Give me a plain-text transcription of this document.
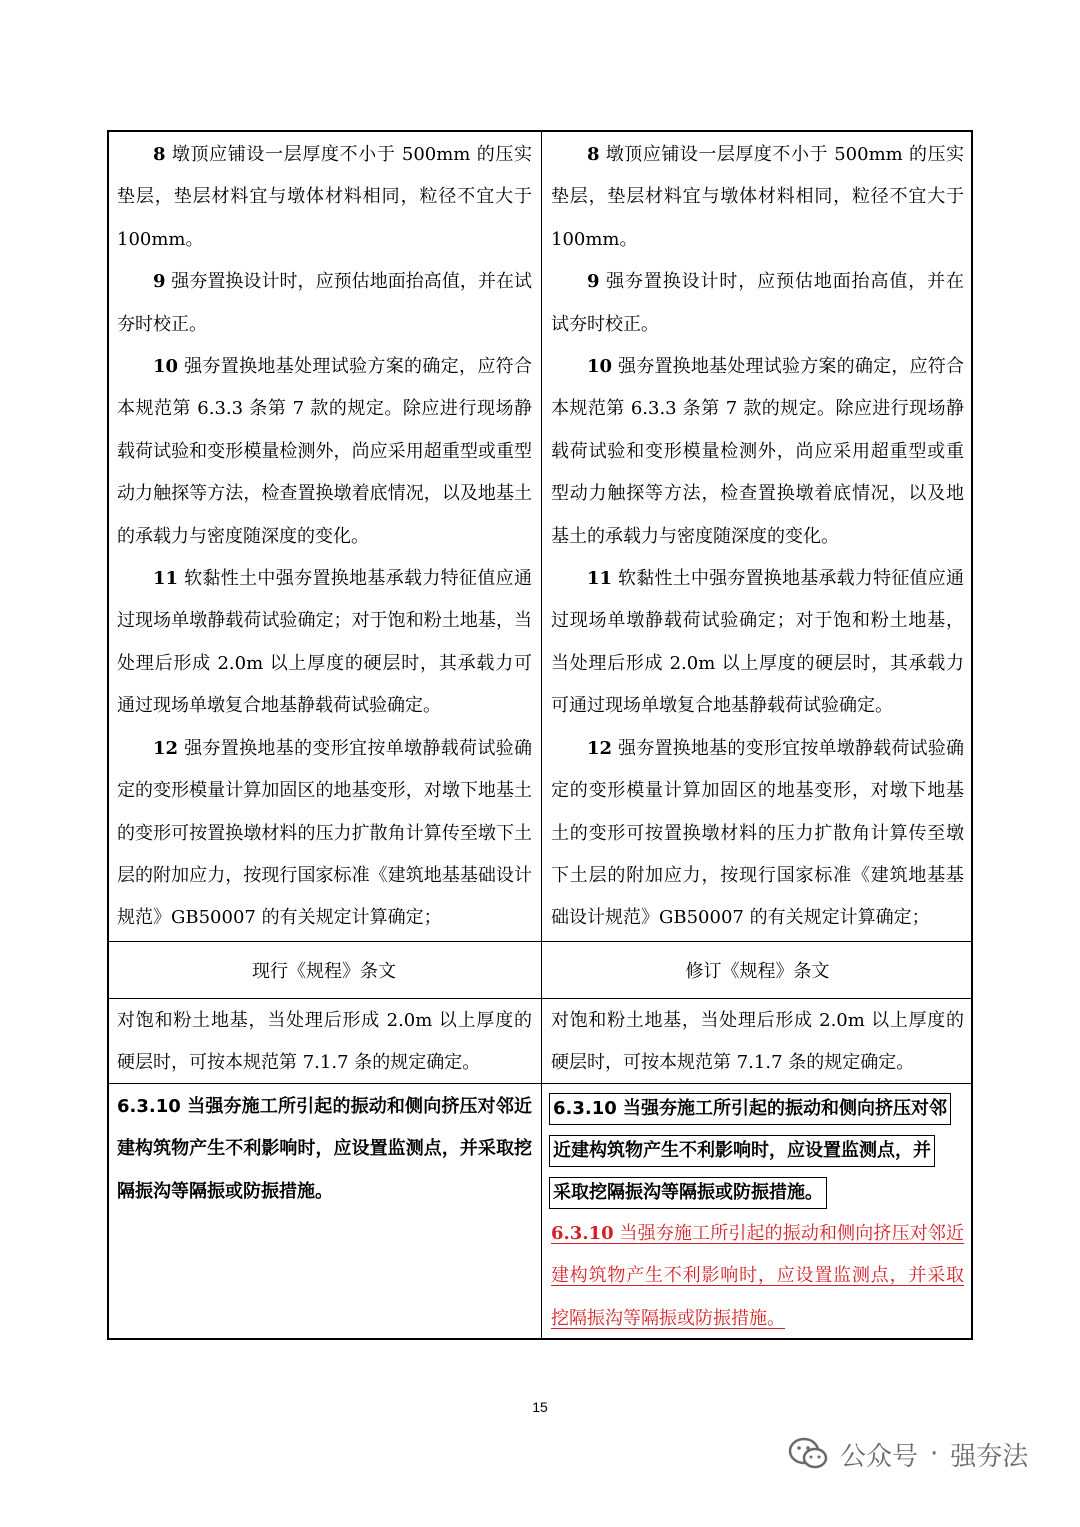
8 墩顶应铺设一层厚度不小于 500mm 的压实垫层，垫层材料宜与墩体材料相同，粒径不宜大于 100mm。

9 强夯置换设计时，应预估地面抬高值，并在试夯时校正。

10 强夯置换地基处理试验方案的确定，应符合本规范第 6.3.3 条第 7 款的规定。除应进行现场静载荷试验和变形模量检测外，尚应采用超重型或重型动力触探等方法，检查置换墩着底情况，以及地基土的承载力与密度随深度的变化。

11 软黏性土中强夯置换地基承载力特征值应通过现场单墩静载荷试验确定；对于饱和粉土地基，当处理后形成 2.0m 以上厚度的硬层时，其承载力可通过现场单墩复合地基静载荷试验确定。

12 强夯置换地基的变形宜按单墩静载荷试验确定的变形模量计算加固区的地基变形，对墩下地基土的变形可按置换墩材料的压力扩散角计算传至墩下土层的附加应力，按现行国家标准《建筑地基基础设计规范》GB50007 的有关规定计算确定；

8 墩顶应铺设一层厚度不小于 500mm 的压实垫层，垫层材料宜与墩体材料相同，粒径不宜大于 100mm。

9 强夯置换设计时，应预估地面抬高值，并在试夯时校正。

10 强夯置换地基处理试验方案的确定，应符合本规范第 6.3.3 条第 7 款的规定。除应进行现场静载荷试验和变形模量检测外，尚应采用超重型或重型动力触探等方法，检查置换墩着底情况，以及地基土的承载力与密度随深度的变化。

11 软黏性土中强夯置换地基承载力特征值应通过现场单墩静载荷试验确定；对于饱和粉土地基，当处理后形成 2.0m 以上厚度的硬层时，其承载力可通过现场单墩复合地基静载荷试验确定。

12 强夯置换地基的变形宜按单墩静载荷试验确定的变形模量计算加固区的地基变形，对墩下地基土的变形可按置换墩材料的压力扩散角计算传至墩下土层的附加应力，按现行国家标准《建筑地基基础设计规范》GB50007 的有关规定计算确定；

现行《规程》条文	修订《规程》条文

对饱和粉土地基，当处理后形成 2.0m 以上厚度的硬层时，可按本规范第 7.1.7 条的规定确定。

对饱和粉土地基，当处理后形成 2.0m 以上厚度的硬层时，可按本规范第 7.1.7 条的规定确定。

6.3.10 当强夯施工所引起的振动和侧向挤压对邻近建构筑物产生不利影响时，应设置监测点，并采取挖隔振沟等隔振或防振措施。

6.3.10 当强夯施工所引起的振动和侧向挤压对邻
近建构筑物产生不利影响时，应设置监测点，并
采取挖隔振沟等隔振或防振措施。

6.3.10 当强夯施工所引起的振动和侧向挤压对邻近建构筑物产生不利影响时，应设置监测点，并采取挖隔振沟等隔振或防振措施。

15
公众号 · 强夯法
